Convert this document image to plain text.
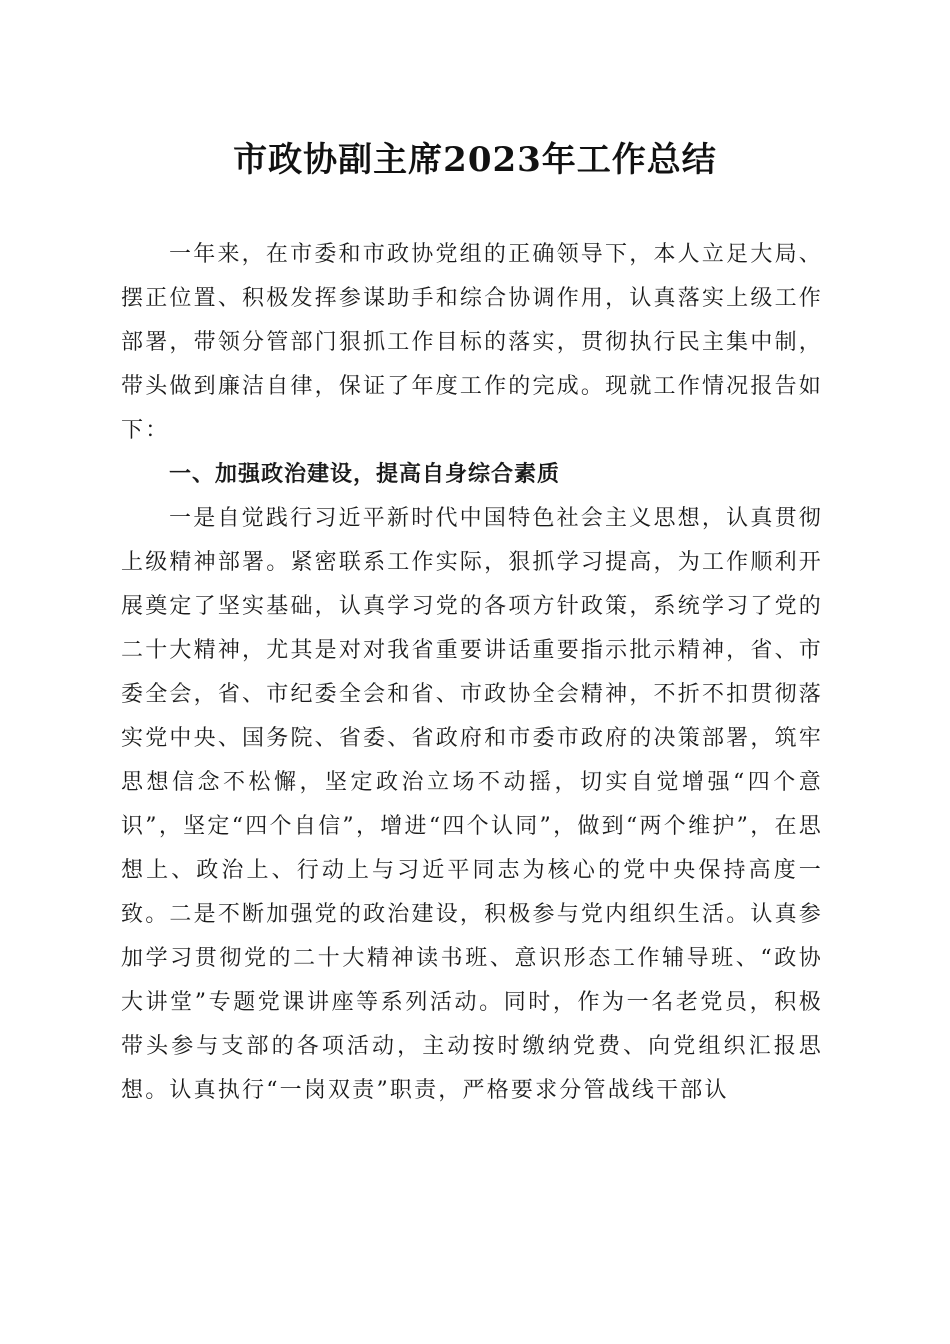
市政协副主席2023年工作总结

一年来，在市委和市政协党组的正确领导下，本人立足大局、摆正位置、积极发挥参谋助手和综合协调作用，认真落实上级工作部署，带领分管部门狠抓工作目标的落实，贯彻执行民主集中制，带头做到廉洁自律，保证了年度工作的完成。现就工作情况报告如下：

一、加强政治建设，提高自身综合素质

一是自觉践行习近平新时代中国特色社会主义思想，认真贯彻上级精神部署。紧密联系工作实际，狠抓学习提高，为工作顺利开展奠定了坚实基础，认真学习党的各项方针政策，系统学习了党的二十大精神，尤其是对对我省重要讲话重要指示批示精神，省、市委全会，省、市纪委全会和省、市政协全会精神，不折不扣贯彻落实党中央、国务院、省委、省政府和市委市政府的决策部署，筑牢思想信念不松懈，坚定政治立场不动摇，切实自觉增强“四个意识”，坚定“四个自信”，增进“四个认同”，做到“两个维护”，在思想上、政治上、行动上与习近平同志为核心的党中央保持高度一致。二是不断加强党的政治建设，积极参与党内组织生活。认真参加学习贯彻党的二十大精神读书班、意识形态工作辅导班、“政协大讲堂”专题党课讲座等系列活动。同时，作为一名老党员，积极带头参与支部的各项活动，主动按时缴纳党费、向党组织汇报思想。认真执行“一岗双责”职责，严格要求分管战线干部认
